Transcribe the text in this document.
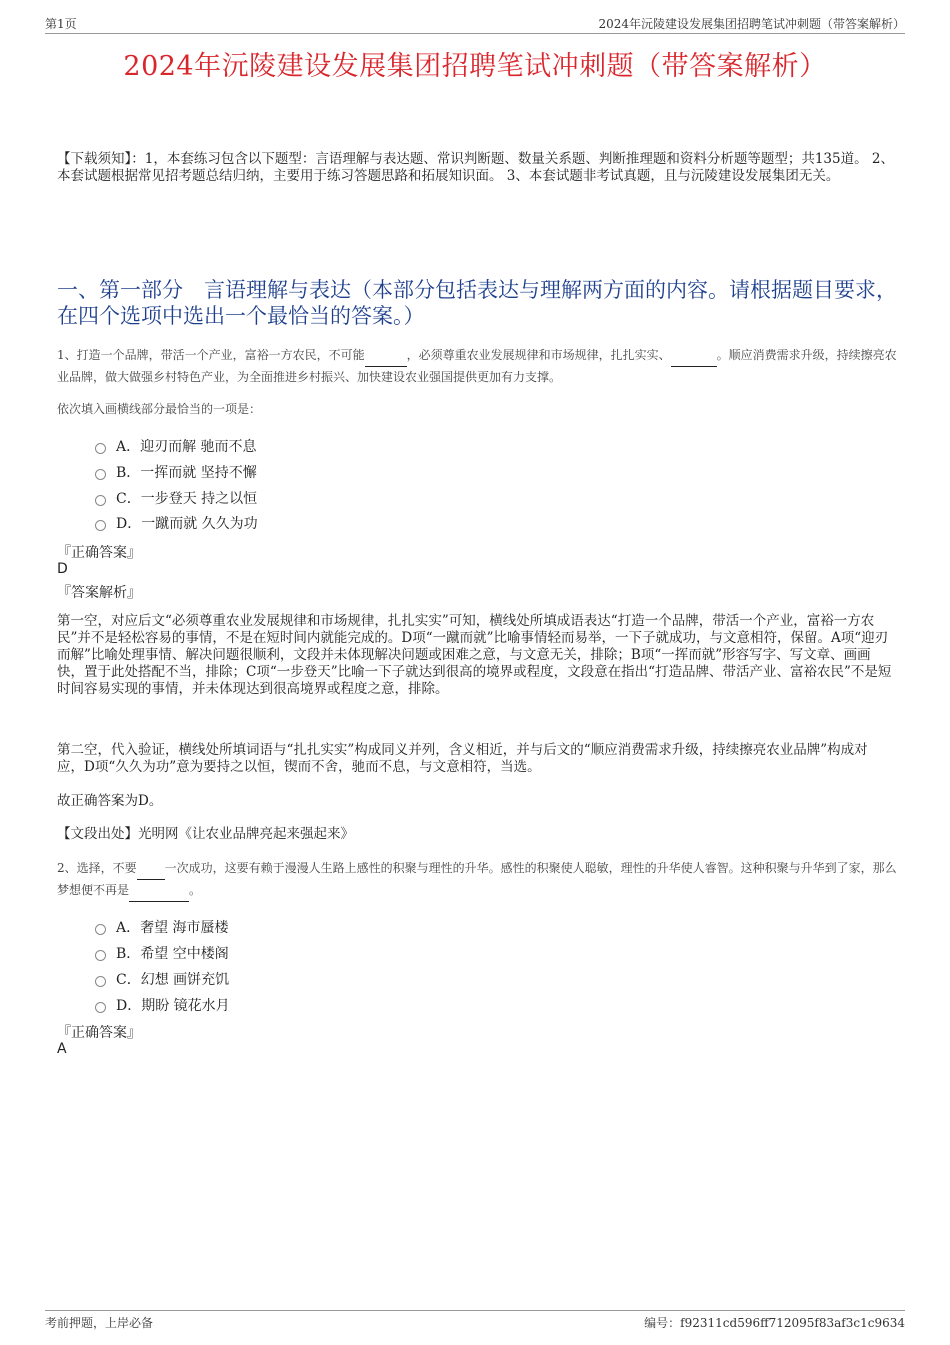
第1页	2024年沅陵建设发展集团招聘笔试冲刺题（带答案解析）
2024年沅陵建设发展集团招聘笔试冲刺题（带答案解析）
【下载须知】：1，本套练习包含以下题型：言语理解与表达题、常识判断题、数量关系题、判断推理题和资料分析题等题型；共135道。 2、本套试题根据常见招考题总结归纳，主要用于练习答题思路和拓展知识面。 3、本套试题非考试真题，且与沅陵建设发展集团无关。
一、第一部分　言语理解与表达（本部分包括表达与理解两方面的内容。请根据题目要求，在四个选项中选出一个最恰当的答案。）
1、打造一个品牌，带活一个产业，富裕一方农民，不可能	，必须尊重农业发展规律和市场规律，扎扎实实、	。顺应消费需求升级，持续擦亮农业品牌，做大做强乡村特色产业，为全面推进乡村振兴、加快建设农业强国提供更加有力支撑。
依次填入画横线部分最恰当的一项是：
A．迎刃而解 驰而不息
B．一挥而就 坚持不懈
C．一步登天 持之以恒
D．一蹴而就 久久为功
『正确答案』
D
『答案解析』
第一空，对应后文“必须尊重农业发展规律和市场规律，扎扎实实”可知，横线处所填成语表达“打造一个品牌，带活一个产业，富裕一方农民”并不是轻松容易的事情，不是在短时间内就能完成的。D项“一蹴而就”比喻事情轻而易举，一下子就成功，与文意相符，保留。A项“迎刃而解”比喻处理事情、解决问题很顺利，文段并未体现解决问题或困难之意，与文意无关，排除；B项“一挥而就”形容写字、写文章、画画快，置于此处搭配不当，排除；C项“一步登天”比喻一下子就达到很高的境界或程度，文段意在指出“打造品牌、带活产业、富裕农民”不是短时间容易实现的事情，并未体现达到很高境界或程度之意，排除。
第二空，代入验证，横线处所填词语与“扎扎实实”构成同义并列，含义相近，并与后文的“顺应消费需求升级，持续擦亮农业品牌”构成对应，D项“久久为功”意为要持之以恒，锲而不舍，驰而不息，与文意相符，当选。
故正确答案为D。
【文段出处】光明网《让农业品牌亮起来强起来》
2、选择，不要 一次成功，这要有赖于漫漫人生路上感性的积聚与理性的升华。感性的积聚使人聪敏，理性的升华使人睿智。这种积聚与升华到了家，那么梦想便不再是	。
A．奢望 海市蜃楼
B．希望 空中楼阁
C．幻想 画饼充饥
D．期盼 镜花水月
『正确答案』
A
考前押题，上岸必备	编号：f92311cd596ff712095f83af3c1c9634
